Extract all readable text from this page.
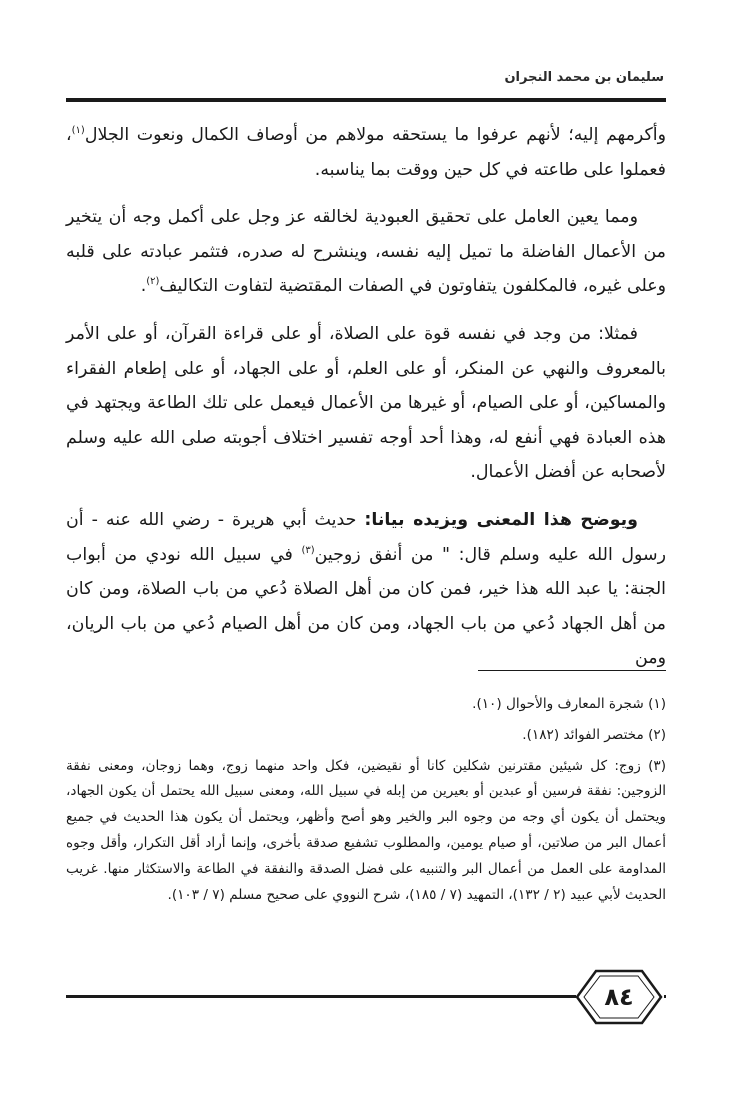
سليمان بن محمد النجران

وأكرمهم إليه؛ لأنهم عرفوا ما يستحقه مولاهم من أوصاف الكمال ونعوت الجلال$^{(١)}$، فعملوا على طاعته في كل حين ووقت بما يناسبه.

ومما يعين العامل على تحقيق العبودية لخالقه عز وجل على أكمل وجه أن يتخير من الأعمال الفاضلة ما تميل إليه نفسه، وينشرح له صدره، فتثمر عبادته على قلبه وعلى غيره، فالمكلفون يتفاوتون في الصفات المقتضية لتفاوت التكاليف$^{(٢)}$.

فمثلا: من وجد في نفسه قوة على الصلاة، أو على قراءة القرآن، أو على الأمر بالمعروف والنهي عن المنكر، أو على العلم، أو على الجهاد، أو على إطعام الفقراء والمساكين، أو على الصيام، أو غيرها من الأعمال فيعمل على تلك الطاعة ويجتهد في هذه العبادة فهي أنفع له، وهذا أحد أوجه تفسير اختلاف أجوبته صلى الله عليه وسلم لأصحابه عن أفضل الأعمال.

ويوضح هذا المعنى ويزيده بيانا: حديث أبي هريرة - رضي الله عنه - أن رسول الله عليه وسلم قال: " من أنفق زوجين$^{(٣)}$ في سبيل الله نودي من أبواب الجنة: يا عبد الله هذا خير، فمن كان من أهل الصلاة دُعي من باب الصلاة، ومن كان من أهل الجهاد دُعي من باب الجهاد، ومن كان من أهل الصيام دُعي من باب الريان، ومن

(١) شجرة المعارف والأحوال (١٠).
(٢) مختصر الفوائد (١٨٢).
(٣) زوج: كل شيئين مقترنين شكلين كانا أو نقيضين، فكل واحد منهما زوج، وهما زوجان، ومعنى نفقة الزوجين: نفقة فرسين أو عبدين أو بعيرين من إبله في سبيل الله، ومعنى سبيل الله يحتمل أن يكون الجهاد، ويحتمل أن يكون أي وجه من وجوه البر والخير وهو أصح وأظهر، ويحتمل أن يكون هذا الحديث في جميع أعمال البر من صلاتين، أو صيام يومين، والمطلوب تشفيع صدقة بأخرى، وإنما أراد أقل التكرار، وأقل وجوه المداومة على العمل من أعمال البر والتنبيه على فضل الصدقة والنفقة في الطاعة والاستكثار منها. غريب الحديث لأبي عبيد (٢ / ١٣٢)، التمهيد (٧ / ١٨٥)، شرح النووي على صحيح مسلم (٧ / ١٠٣).
٨٤
